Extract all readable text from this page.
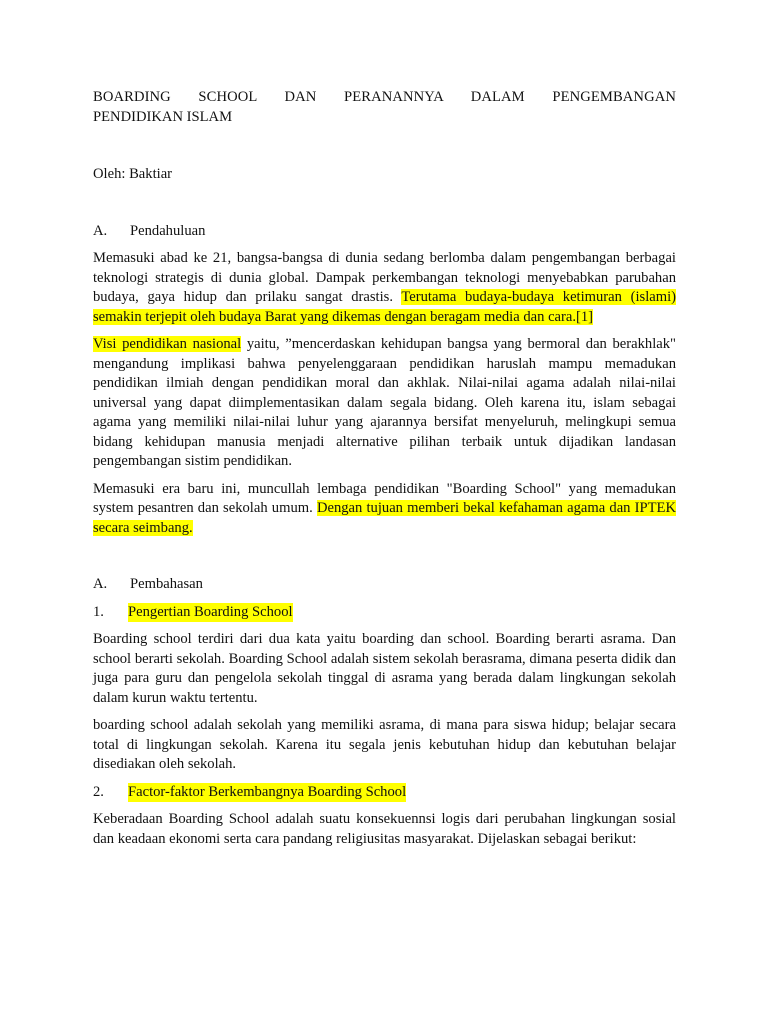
BOARDING SCHOOL DAN PERANANNYA DALAM PENGEMBANGAN

PENDIDIKAN ISLAM

Oleh: Baktiar

A.	Pendahuluan

Memasuki abad ke 21, bangsa-bangsa di dunia sedang berlomba dalam pengembangan berbagai teknologi strategis di dunia global. Dampak perkembangan teknologi menyebabkan parubahan budaya, gaya hidup dan prilaku sangat drastis. Terutama budaya-budaya ketimuran (islami) semakin terjepit oleh budaya Barat yang dikemas dengan beragam media dan cara.[1]

Visi pendidikan nasional yaitu, ”mencerdaskan kehidupan bangsa yang bermoral dan berakhlak" mengandung implikasi bahwa penyelenggaraan pendidikan haruslah mampu memadukan pendidikan ilmiah dengan pendidikan moral dan akhlak. Nilai-nilai agama adalah nilai-nilai universal yang dapat diimplementasikan dalam segala bidang. Oleh karena itu, islam sebagai agama yang memiliki nilai-nilai luhur yang ajarannya bersifat menyeluruh, melingkupi semua bidang kehidupan manusia menjadi alternative pilihan terbaik untuk dijadikan landasan pengembangan sistim pendidikan.

Memasuki era baru ini, muncullah lembaga pendidikan "Boarding School" yang memadukan system pesantren dan sekolah umum. Dengan tujuan memberi bekal kefahaman agama dan IPTEK secara seimbang.

A.	Pembahasan
1.	Pengertian Boarding School

Boarding school terdiri dari dua kata yaitu boarding dan school. Boarding berarti asrama. Dan school berarti sekolah. Boarding School adalah sistem sekolah berasrama, dimana peserta didik dan juga para guru dan pengelola sekolah tinggal di asrama yang berada dalam lingkungan sekolah dalam kurun waktu tertentu.

boarding school adalah sekolah yang memiliki asrama, di mana para siswa hidup; belajar secara total di lingkungan sekolah. Karena itu segala jenis kebutuhan hidup dan kebutuhan belajar disediakan oleh sekolah.

2.	Factor-faktor Berkembangnya Boarding School

Keberadaan Boarding School adalah suatu konsekuennsi logis dari perubahan lingkungan sosial dan keadaan ekonomi serta cara pandang religiusitas masyarakat. Dijelaskan sebagai berikut:
